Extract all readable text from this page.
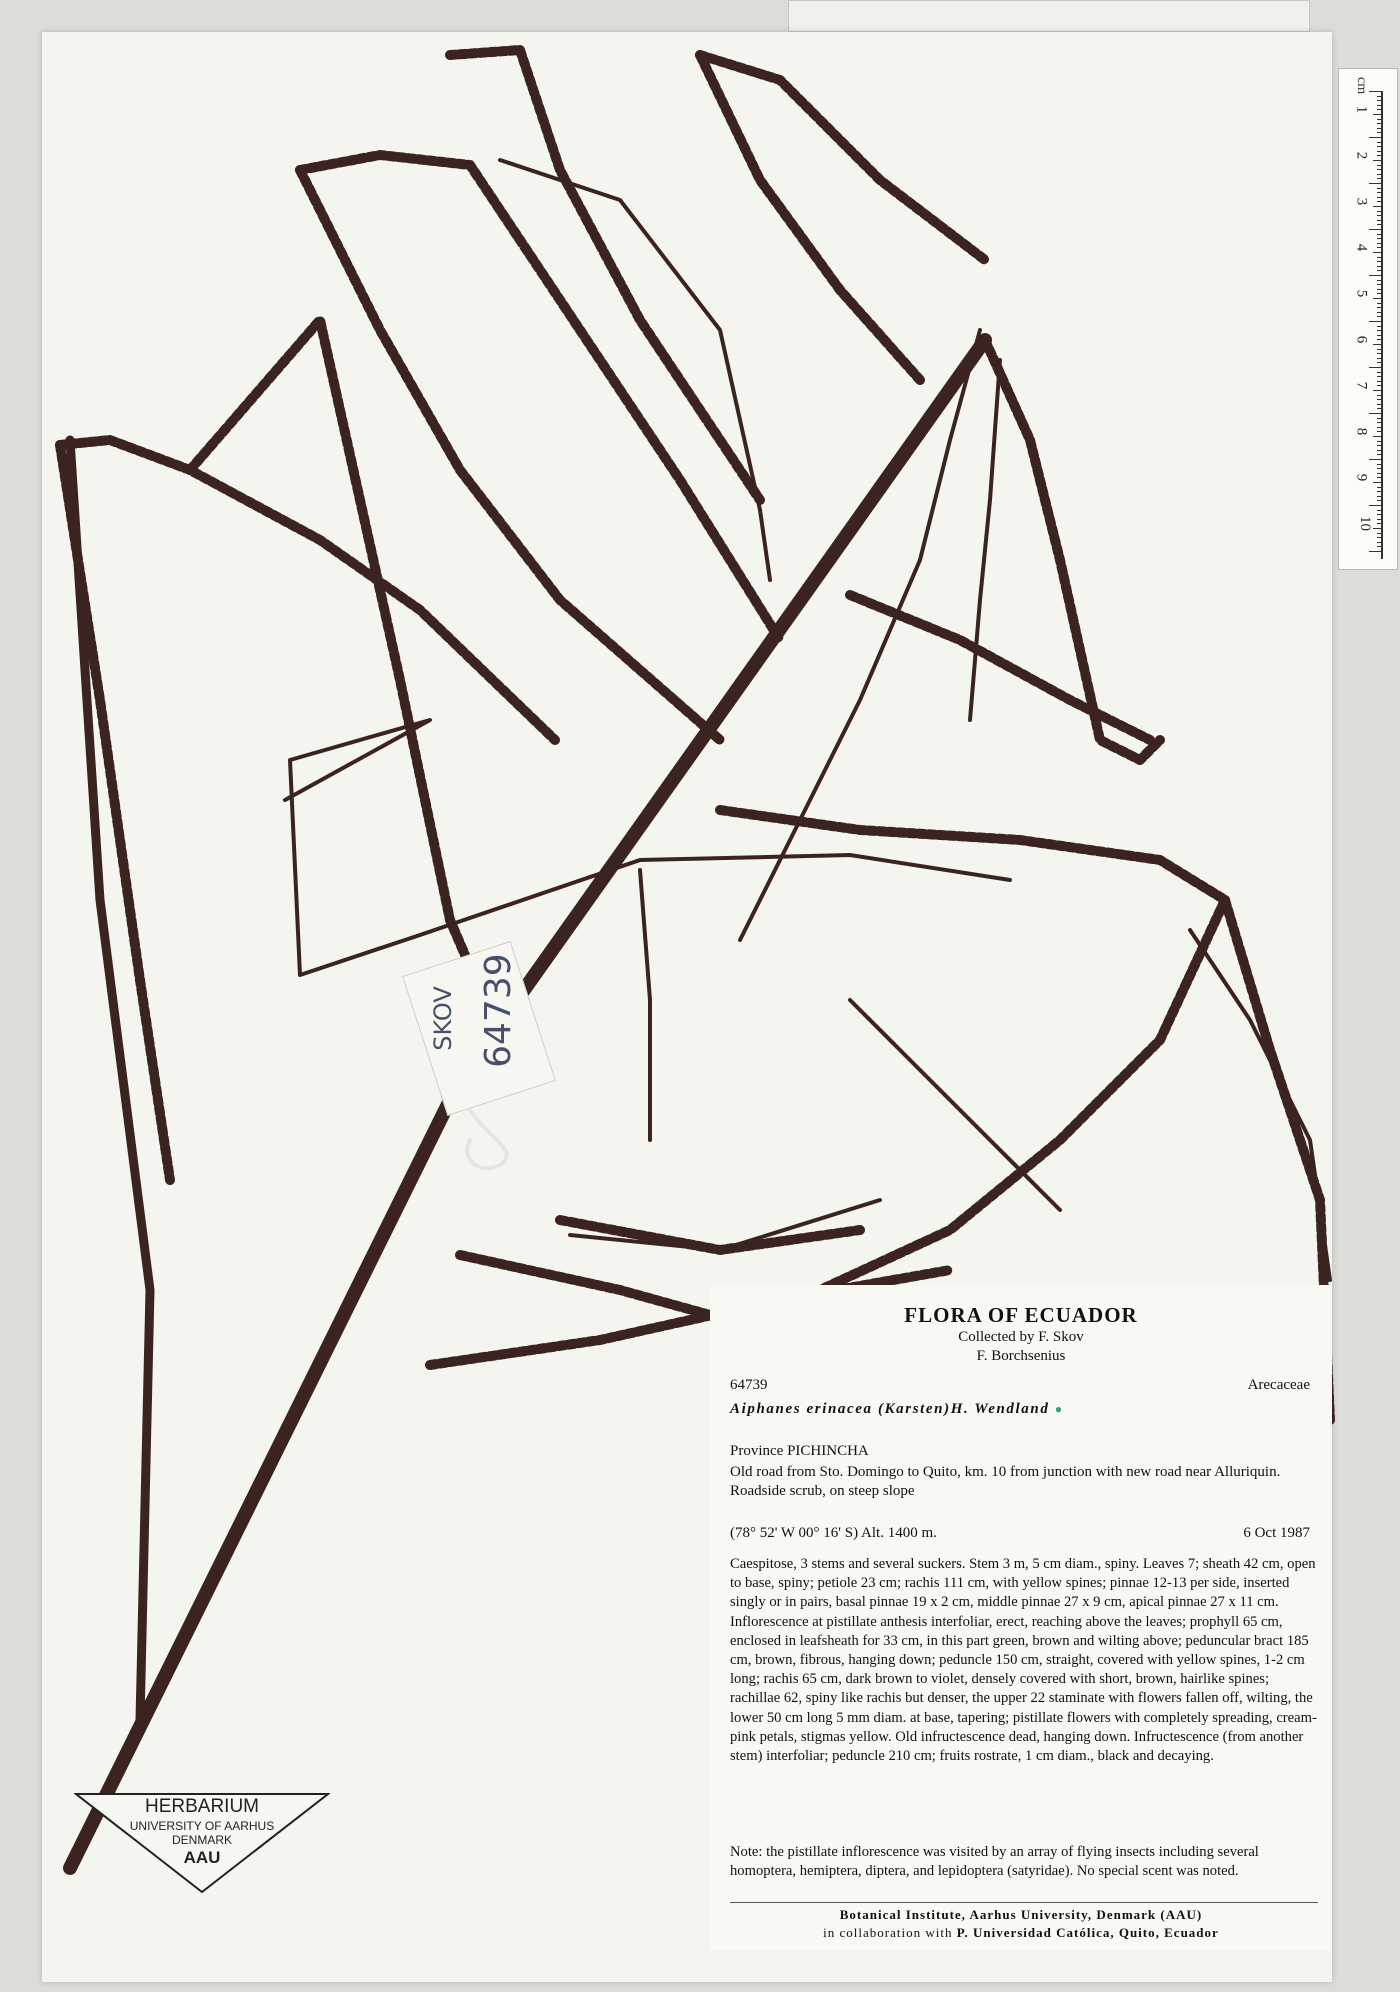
cm
1
2
3
4
5
6
7
8
9
10
SKOV 64739
HERBARIUM
UNIVERSITY OF AARHUS
DENMARK
AAU
FLORA OF ECUADOR
Collected by F. Skov
F. Borchsenius
64739	Arecaceae
Aiphanes erinacea (Karsten)H. Wendland ●
Province PICHINCHA
Old road from Sto. Domingo to Quito, km. 10 from junction with new road near Alluriquin. Roadside scrub, on steep slope
(78° 52' W 00° 16' S) Alt. 1400 m.	6 Oct 1987
Caespitose, 3 stems and several suckers. Stem 3 m, 5 cm diam., spiny. Leaves 7; sheath 42 cm, open to base, spiny; petiole 23 cm; rachis 111 cm, with yellow spines; pinnae 12-13 per side, inserted singly or in pairs, basal pinnae 19 x 2 cm, middle pinnae 27 x 9 cm, apical pinnae 27 x 11 cm. Inflorescence at pistillate anthesis interfoliar, erect, reaching above the leaves; prophyll 65 cm, enclosed in leafsheath for 33 cm, in this part green, brown and wilting above; peduncular bract 185 cm, brown, fibrous, hanging down; peduncle 150 cm, straight, covered with yellow spines, 1-2 cm long; rachis 65 cm, dark brown to violet, densely covered with short, brown, hairlike spines; rachillae 62, spiny like rachis but denser, the upper 22 staminate with flowers fallen off, wilting, the lower 50 cm long 5 mm diam. at base, tapering; pistillate flowers with completely spreading, cream-pink petals, stigmas yellow. Old infructescence dead, hanging down. Infructescence (from another stem) interfoliar; peduncle 210 cm; fruits rostrate, 1 cm diam., black and decaying.
Note: the pistillate inflorescence was visited by an array of flying insects including several homoptera, hemiptera, diptera, and lepidoptera (satyridae). No special scent was noted.
Botanical Institute, Aarhus University, Denmark (AAU)
in collaboration with P. Universidad Católica, Quito, Ecuador
